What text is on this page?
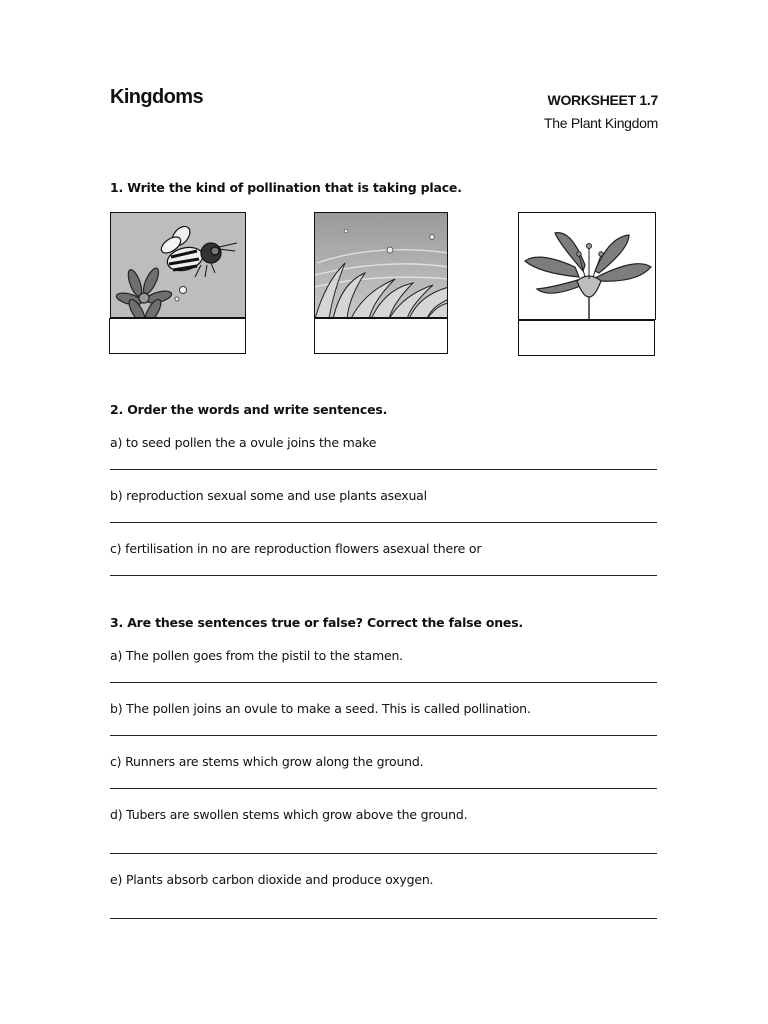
Kingdoms	WORKSHEET 1.7
The Plant Kingdom
1. Write the kind of pollination that is taking place.
2. Order the words and write sentences.
a) to seed pollen the a ovule joins the make
b) reproduction sexual some and use plants asexual
c) fertilisation in no are reproduction flowers asexual there or
3. Are these sentences true or false? Correct the false ones.
a) The pollen goes from the pistil to the stamen.
b) The pollen joins an ovule to make a seed. This is called pollination.
c) Runners are stems which grow along the ground.
d) Tubers are swollen stems which grow above the ground.
e) Plants absorb carbon dioxide and produce oxygen.
